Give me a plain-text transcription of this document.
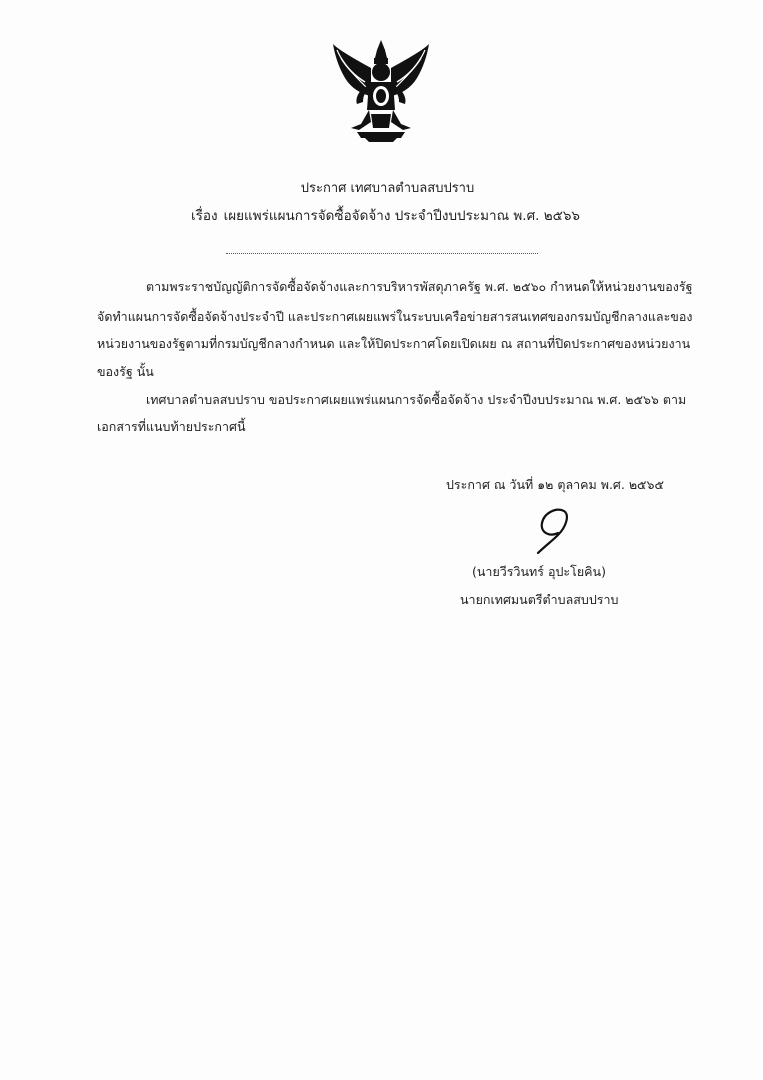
ประกาศ เทศบาลตำบลสบปราบ
เรื่อง เผยแพร่แผนการจัดซื้อจัดจ้าง ประจำปีงบประมาณ พ.ศ. ๒๕๖๖
ตามพระราชบัญญัติการจัดซื้อจัดจ้างและการบริหารพัสดุภาครัฐ พ.ศ. ๒๕๖๐ กำหนดให้หน่วยงานของรัฐ
จัดทำแผนการจัดซื้อจัดจ้างประจำปี และประกาศเผยแพร่ในระบบเครือข่ายสารสนเทศของกรมบัญชีกลางและของ
หน่วยงานของรัฐตามที่กรมบัญชีกลางกำหนด และให้ปิดประกาศโดยเปิดเผย ณ สถานที่ปิดประกาศของหน่วยงาน
ของรัฐ นั้น
เทศบาลตำบลสบปราบ ขอประกาศเผยแพร่แผนการจัดซื้อจัดจ้าง ประจำปีงบประมาณ พ.ศ. ๒๕๖๖ ตาม
เอกสารที่แนบท้ายประกาศนี้
ประกาศ ณ วันที่ ๑๒ ตุลาคม พ.ศ. ๒๕๖๕
(นายวีรวินทร์ อุปะโยคิน)
นายกเทศมนตรีตำบลสบปราบ
